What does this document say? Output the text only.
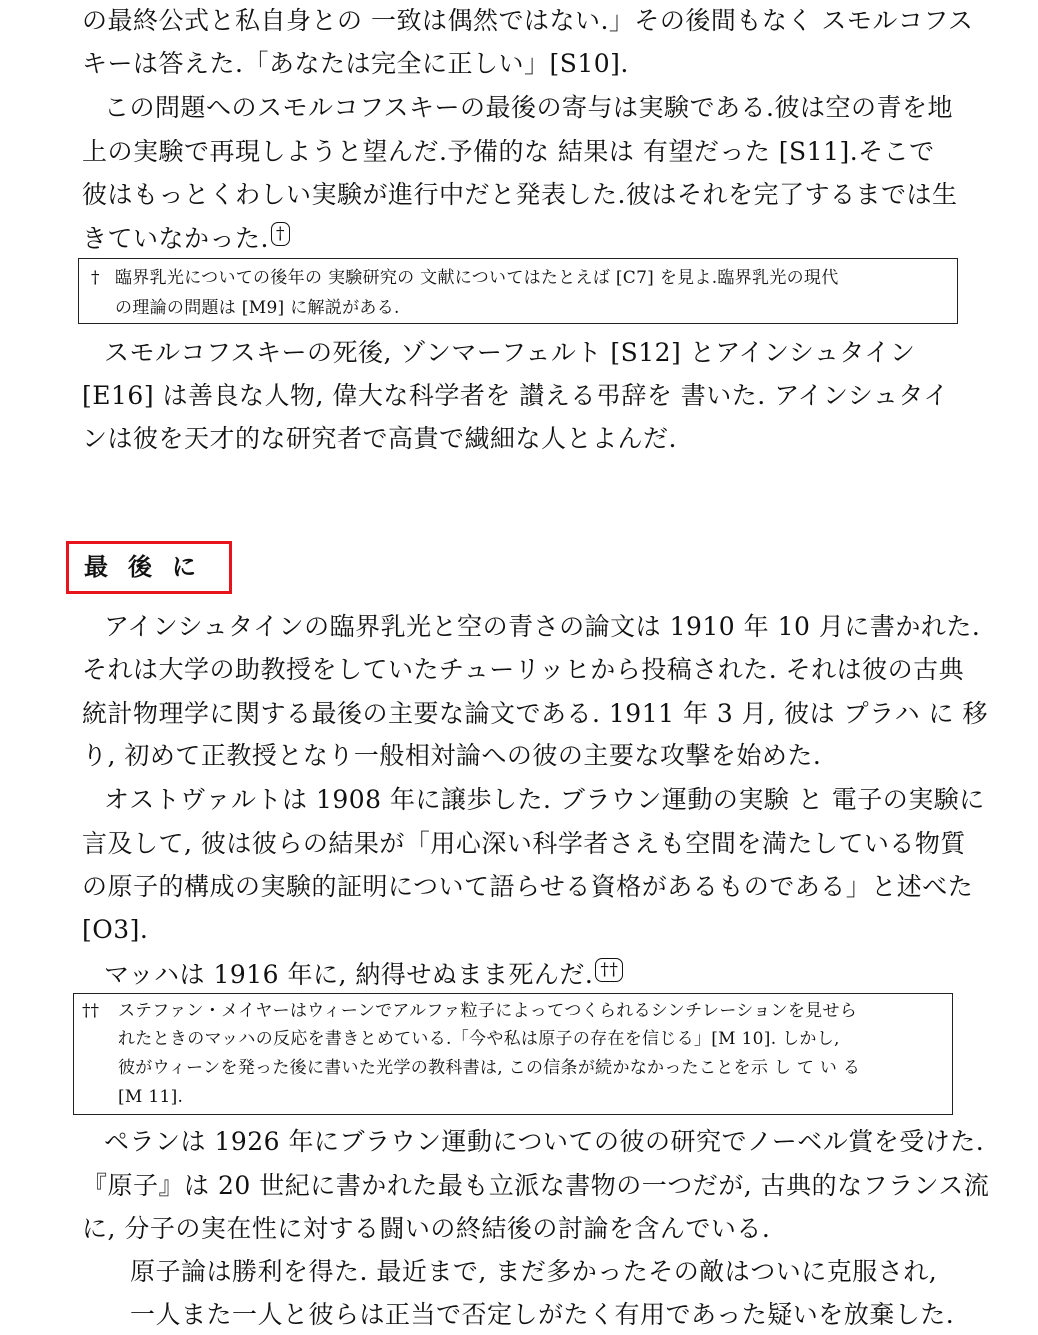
の最終公式と私自身との 一致は偶然ではない.」その後間もなく スモルコフス
キーは答えた.「あなたは完全に正しい」[S10].
この問題へのスモルコフスキーの最後の寄与は実験である.彼は空の青を地
上の実験で再現しようと望んだ.予備的な 結果は 有望だった [S11].そこで
彼はもっとくわしい実験が進行中だと発表した.彼はそれを完了するまでは生
きていなかった. †
† 臨界乳光についての後年の 実験研究の 文献についてはたとえば [C7] を見よ.臨界乳光の現代
の理論の問題は [M9] に解説がある.
スモルコフスキーの死後, ゾンマーフェルト [S12] とアインシュタイン
[E16] は善良な人物, 偉大な科学者を 讃える弔辞を 書いた. アインシュタイ
ンは彼を天才的な研究者で高貴で繊細な人とよんだ.
最後に
アインシュタインの臨界乳光と空の青さの論文は 1910 年 10 月に書かれた.
それは大学の助教授をしていたチューリッヒから投稿された. それは彼の古典
統計物理学に関する最後の主要な論文である. 1911 年 3 月, 彼は プラハ に 移
り, 初めて正教授となり一般相対論への彼の主要な攻撃を始めた.
オストヴァルトは 1908 年に譲歩した. ブラウン運動の実験 と 電子の実験に
言及して, 彼は彼らの結果が「用心深い科学者さえも空間を満たしている物質
の原子的構成の実験的証明について語らせる資格があるものである」と述べた
[O3].
マッハは 1916 年に, 納得せぬまま死んだ. ††
†† ステファン・メイヤーはウィーンでアルファ粒子によってつくられるシンチレーションを見せら
れたときのマッハの反応を書きとめている.「今や私は原子の存在を信じる」[M 10]. しかし,
彼がウィーンを発った後に書いた光学の教科書は, この信条が続かなかったことを示 し て い る
[M 11].
ペランは 1926 年にブラウン運動についての彼の研究でノーベル賞を受けた.
『原子』は 20 世紀に書かれた最も立派な書物の一つだが, 古典的なフランス流
に, 分子の実在性に対する闘いの終結後の討論を含んでいる.
原子論は勝利を得た. 最近まで, まだ多かったその敵はついに克服され,
一人また一人と彼らは正当で否定しがたく有用であった疑いを放棄した.
